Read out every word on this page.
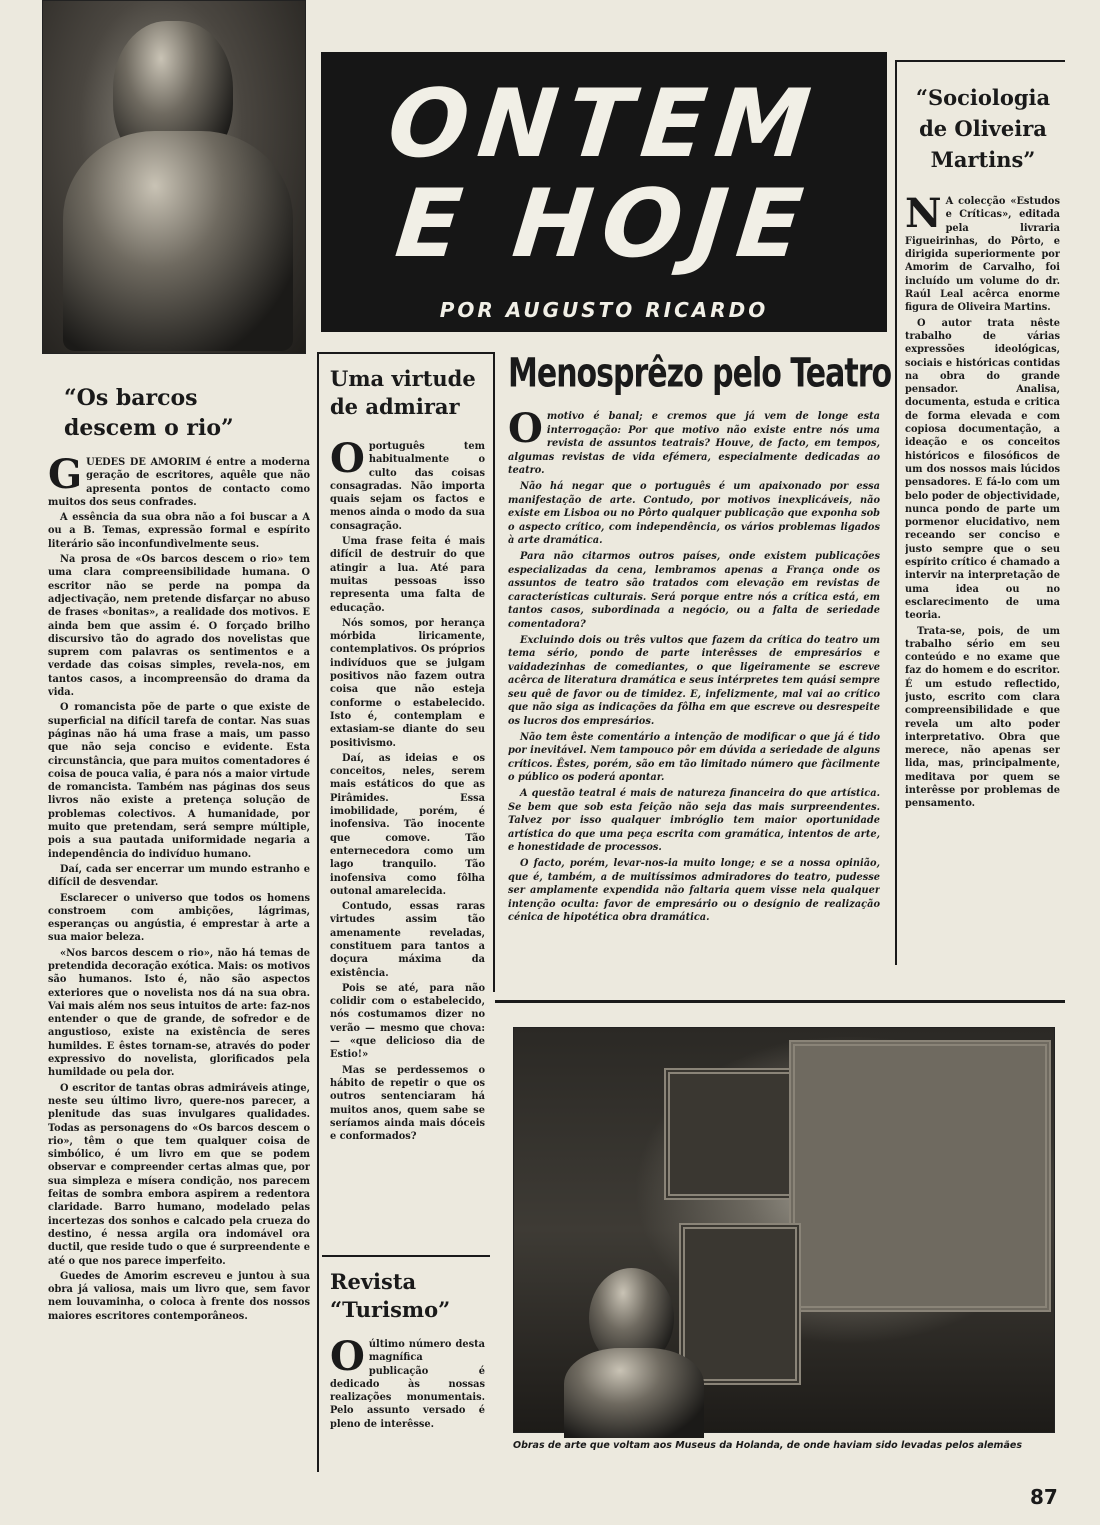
ONTEM
E HOJE
POR AUGUSTO RICARDO
“Os barcos descem o rio”
G UEDES DE AMORIM é entre a moderna geração de escritores, aquêle que não apresenta pontos de contacto como muitos dos seus confrades.

A essência da sua obra não a foi buscar a A ou a B. Temas, expressão formal e espírito literário são inconfundìvelmente seus.

Na prosa de «Os barcos descem o rio» tem uma clara compreensibilidade humana. O escritor não se perde na pompa da adjectivação, nem pretende disfarçar no abuso de frases «bonitas», a realidade dos motivos. E ainda bem que assim é. O forçado brilho discursivo tão do agrado dos novelistas que suprem com palavras os sentimentos e a verdade das coisas simples, revela-nos, em tantos casos, a incompreensão do drama da vida.

O romancista põe de parte o que existe de superficial na difícil tarefa de contar. Nas suas páginas não há uma frase a mais, um passo que não seja conciso e evidente. Esta circunstância, que para muitos comentadores é coisa de pouca valia, é para nós a maior virtude de romancista. Também nas páginas dos seus livros não existe a pretença solução de problemas colectivos. A humanidade, por muito que pretendam, será sempre múltiple, pois a sua pautada uniformidade negaria a independência do indivíduo humano.

Daí, cada ser encerrar um mundo estranho e difícil de desvendar.

Esclarecer o universo que todos os homens constroem com ambições, lágrimas, esperanças ou angústia, é emprestar à arte a sua maior beleza.

«Nos barcos descem o rio», não há temas de pretendida decoração exótica. Mais: os motivos são humanos. Isto é, não são aspectos exteriores que o novelista nos dá na sua obra. Vai mais além nos seus intuitos de arte: faz-nos entender o que de grande, de sofredor e de angustioso, existe na existência de seres humildes. E êstes tornam-se, através do poder expressivo do novelista, glorificados pela humildade ou pela dor.

O escritor de tantas obras admiráveis atinge, neste seu último livro, quere-nos parecer, a plenitude das suas invulgares qualidades. Todas as personagens do «Os barcos descem o rio», têm o que tem qualquer coisa de simbólico, é um livro em que se podem observar e compreender certas almas que, por sua simpleza e mísera condição, nos parecem feitas de sombra embora aspirem a redentora claridade. Barro humano, modelado pelas incertezas dos sonhos e calcado pela crueza do destino, é nessa argila ora indomável ora ductil, que reside tudo o que é surpreendente e até o que nos parece imperfeito.

Guedes de Amorim escreveu e juntou à sua obra já valiosa, mais um livro que, sem favor nem louvaminha, o coloca à frente dos nossos maiores escritores contemporâneos.

Uma virtude de admirar
O português tem habitualmente o culto das coisas consagradas. Não importa quais sejam os factos e menos ainda o modo da sua consagração.

Uma frase feita é mais difícil de destruir do que atingir a lua. Até para muitas pessoas isso representa uma falta de educação.

Nós somos, por herança mórbida liricamente, contemplativos. Os próprios indivíduos que se julgam positivos não fazem outra coisa que não esteja conforme o estabelecido. Isto é, contemplam e extasiam-se diante do seu positivismo.

Daí, as ideias e os conceitos, neles, serem mais estáticos do que as Pirâmides. Essa imobilidade, porém, é inofensiva. Tão inocente que comove. Tão enternecedora como um lago tranquilo. Tão inofensiva como fôlha outonal amarelecida.

Contudo, essas raras virtudes assim tão amenamente reveladas, constituem para tantos a doçura máxima da existência.

Pois se até, para não colidir com o estabelecido, nós costumamos dizer no verão — mesmo que chova: — «que delicioso dia de Estio!»

Mas se perdessemos o hábito de repetir o que os outros sentenciaram há muitos anos, quem sabe se seríamos ainda mais dóceis e conformados?

Revista “Turismo”
O último número desta magnífica publicação é dedicado às nossas realizações monumentais. Pelo assunto versado é pleno de interêsse.

Menosprêzo pelo Teatro
O motivo é banal; e cremos que já vem de longe esta interrogação: Por que motivo não existe entre nós uma revista de assuntos teatrais? Houve, de facto, em tempos, algumas revistas de vida efémera, especialmente dedicadas ao teatro.

Não há negar que o português é um apaixonado por essa manifestação de arte. Contudo, por motivos inexplicáveis, não existe em Lisboa ou no Pôrto qualquer publicação que exponha sob o aspecto crítico, com independência, os vários problemas ligados à arte dramática.

Para não citarmos outros países, onde existem publicações especializadas da cena, lembramos apenas a França onde os assuntos de teatro são tratados com elevação em revistas de características culturais. Será porque entre nós a crítica está, em tantos casos, subordinada a negócio, ou a falta de seriedade comentadora?

Excluindo dois ou três vultos que fazem da crítica do teatro um tema sério, pondo de parte interêsses de empresários e vaidadezinhas de comediantes, o que ligeiramente se escreve acêrca de literatura dramática e seus intérpretes tem quási sempre seu quê de favor ou de timidez. E, infelizmente, mal vai ao crítico que não siga as indicações da fôlha em que escreve ou desrespeite os lucros dos empresários.

Não tem êste comentário a intenção de modificar o que já é tido por inevitável. Nem tampouco pôr em dúvida a seriedade de alguns críticos. Êstes, porém, são em tão limitado número que fàcilmente o público os poderá apontar.

A questão teatral é mais de natureza financeira do que artística. Se bem que sob esta feição não seja das mais surpreendentes. Talvez por isso qualquer imbróglio tem maior oportunidade artística do que uma peça escrita com gramática, intentos de arte, e honestidade de processos.

O facto, porém, levar-nos-ia muito longe; e se a nossa opinião, que é, também, a de muitíssimos admiradores do teatro, pudesse ser amplamente expendida não faltaria quem visse nela qualquer intenção oculta: favor de empresário ou o desígnio de realização cénica de hipotética obra dramática.

“Sociologia de Oliveira Martins”
N A colecção «Estudos e Críticas», editada pela livraria Figueirinhas, do Pôrto, e dirigida superiormente por Amorim de Carvalho, foi incluído um volume do dr. Raúl Leal acêrca enorme figura de Oliveira Martins.

O autor trata nêste trabalho de várias expressões ideológicas, sociais e históricas contidas na obra do grande pensador. Analisa, documenta, estuda e critica de forma elevada e com copiosa documentação, a ideação e os conceitos históricos e filosóficos de um dos nossos mais lúcidos pensadores. E fá-lo com um belo poder de objectividade, nunca pondo de parte um pormenor elucidativo, nem receando ser conciso e justo sempre que o seu espírito crítico é chamado a intervir na interpretação de uma idea ou no esclarecimento de uma teoria.

Trata-se, pois, de um trabalho sério em seu conteúdo e no exame que faz do homem e do escritor. É um estudo reflectido, justo, escrito com clara compreensibilidade e que revela um alto poder interpretativo. Obra que merece, não apenas ser lida, mas, principalmente, meditava por quem se interêsse por problemas de pensamento.

Obras de arte que voltam aos Museus da Holanda, de onde haviam sido levadas pelos alemães
87
